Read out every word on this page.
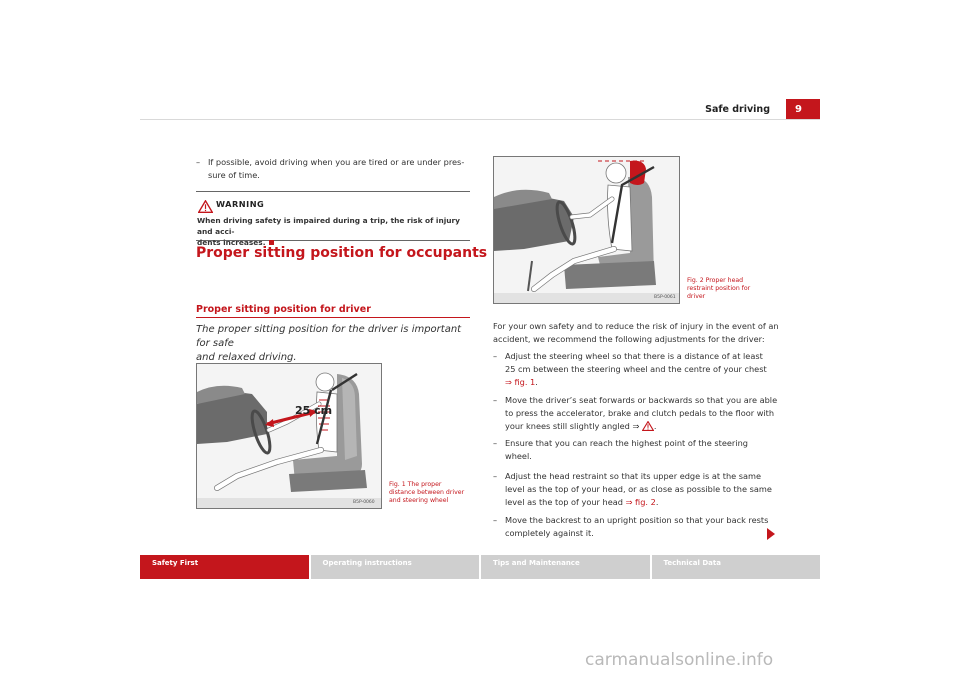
Safe driving	9
– If possible, avoid driving when you are tired or are under pres-
sure of time.
WARNING
When driving safety is impaired during a trip, the risk of injury and acci-
dents increases.
Proper sitting position for occupants
Proper sitting position for driver
The proper sitting position for the driver is important for safe
and relaxed driving.
25 cm
B5P-0060
Fig. 1 The proper
distance between driver
and steering wheel
B5P-0061
Fig. 2 Proper head
restraint position for
driver
For your own safety and to reduce the risk of injury in the event of an
accident, we recommend the following adjustments for the driver:
– Adjust the steering wheel so that there is a distance of at least
25 cm between the steering wheel and the centre of your chest
⇒ fig. 1.
– Move the driver’s seat forwards or backwards so that you are able
to press the accelerator, brake and clutch pedals to the floor with
your knees still slightly angled ⇒ .
– Ensure that you can reach the highest point of the steering
wheel.
– Adjust the head restraint so that its upper edge is at the same
level as the top of your head, or as close as possible to the same
level as the top of your head ⇒ fig. 2.
– Move the backrest to an upright position so that your back rests
completely against it.
Safety First	Operating instructions	Tips and Maintenance	Technical Data
carmanualsonline.info
